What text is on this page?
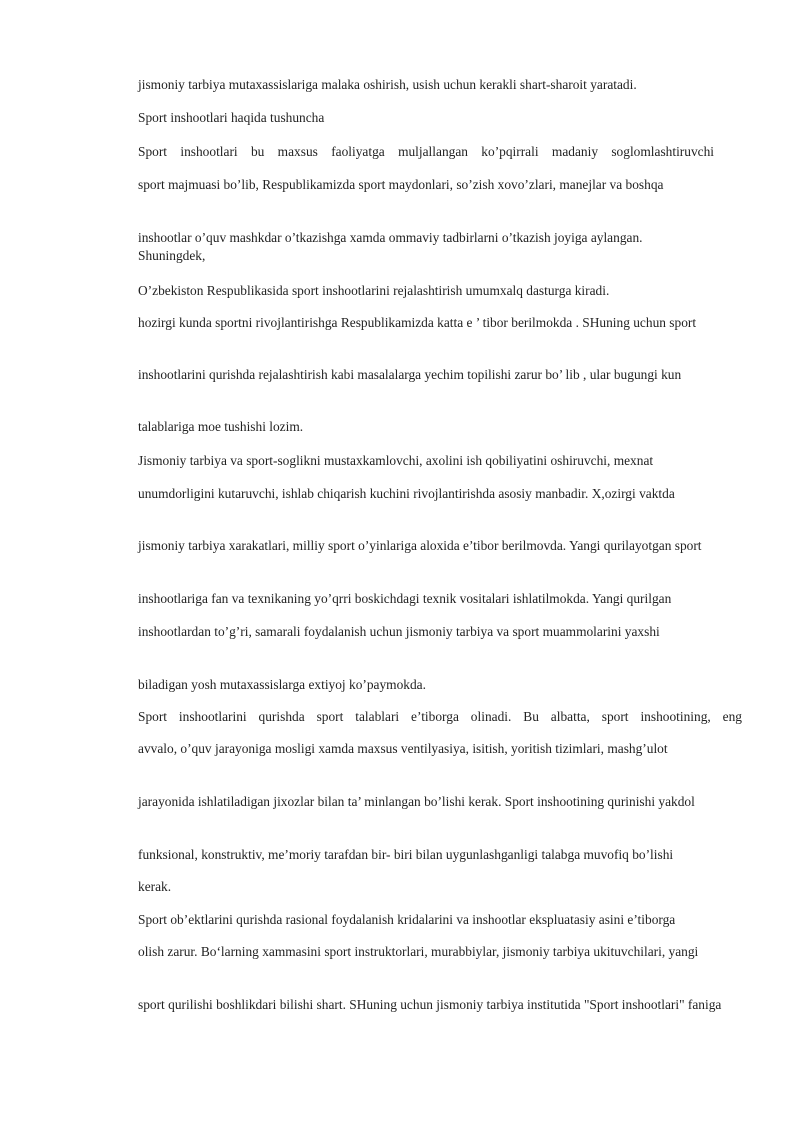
jismoniy tarbiya mutaxassislariga malaka oshirish, usish uchun kerakli shart-sharoit yaratadi.

Sport inshootlari haqida tushuncha

Sport inshootlari bu maxsus faoliyatga muljallangan ko’pqirrali madaniy soglomlashtiruvchi

sport majmuasi bo’lib, Respublikamizda sport maydonlari, so’zish xovo’zlari, manejlar va boshqa

inshootlar o’quv mashkdar o’tkazishga xamda ommaviy tadbirlarni o’tkazish joyiga aylangan. Shuningdek,

O’zbekiston Respublikasida sport inshootlarini rejalashtirish umumxalq dasturga kiradi.

hozirgi kunda sportni rivojlantirishga Respublikamizda katta e ’ tibor berilmokda . SHuning uchun sport

inshootlarini qurishda rejalashtirish kabi masalalarga yechim topilishi zarur bo’ lib , ular bugungi kun

talablariga moe tushishi lozim.

Jismoniy tarbiya va sport-soglikni mustaxkamlovchi, axolini ish qobiliyatini oshiruvchi, mexnat

unumdorligini kutaruvchi, ishlab chiqarish kuchini rivojlantirishda asosiy manbadir. X,ozirgi vaktda

jismoniy tarbiya xarakatlari, milliy sport o’yinlariga aloxida e’tibor berilmovda. Yangi qurilayotgan sport

inshootlariga fan va texnikaning yo’qrri boskichdagi texnik vositalari ishlatilmokda. Yangi qurilgan

inshootlardan to’g’ri, samarali foydalanish uchun jismoniy tarbiya va sport muammolarini yaxshi

biladigan yosh mutaxassislarga extiyoj ko’paymokda.

Sport inshootlarini qurishda sport talablari e’tiborga olinadi. Bu albatta, sport inshootining, eng

avvalo, o’quv jarayoniga mosligi xamda maxsus ventilyasiya, isitish, yoritish tizimlari, mashg’ulot

jarayonida ishlatiladigan jixozlar bilan ta’ minlangan bo’lishi kerak. Sport inshootining qurinishi yakdol

funksional, konstruktiv, me’moriy tarafdan bir- biri bilan uygunlashganligi talabga muvofiq bo’lishi

kerak.

Sport ob’ektlarini qurishda rasional foydalanish kridalarini va inshootlar ekspluatasiy asini e’tiborga

olish zarur. Bo‘larning xammasini sport instruktorlari, murabbiylar, jismoniy tarbiya ukituvchilari, yangi

sport qurilishi boshlikdari bilishi shart. SHuning uchun jismoniy tarbiya institutida "Sport inshootlari" faniga
